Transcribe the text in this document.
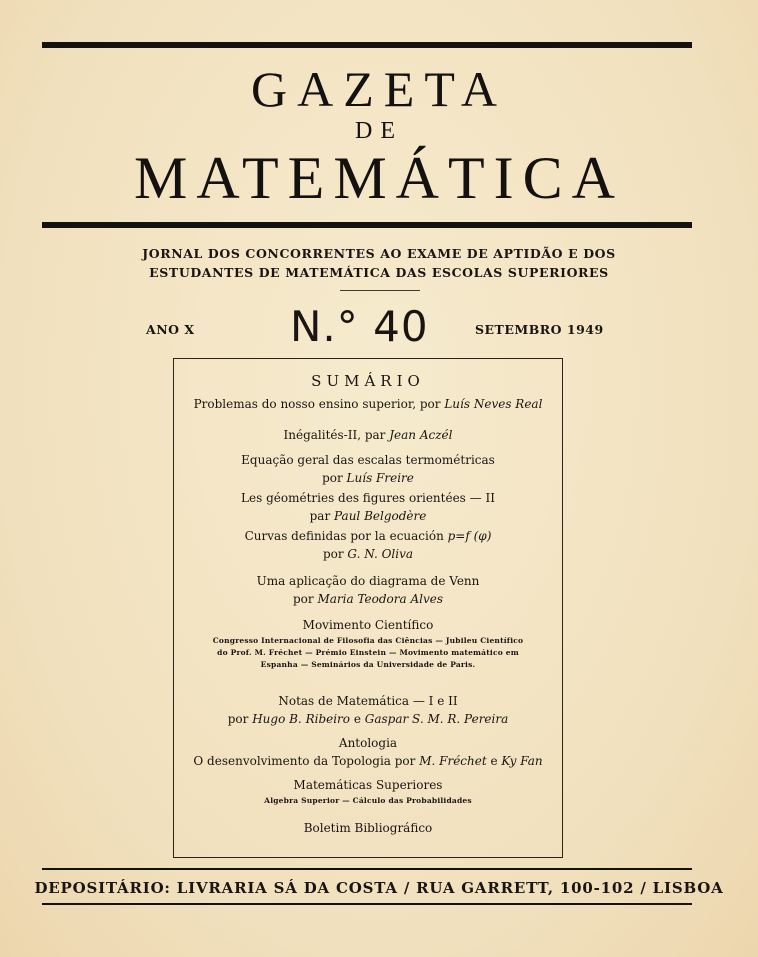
GAZETA
DE
MATEMÁTICA
JORNAL DOS CONCORRENTES AO EXAME DE APTIDÃO E DOS
ESTUDANTES DE MATEMÁTICA DAS ESCOLAS SUPERIORES
ANO X N.° 40	SETEMBRO 1949
SUMÁRIO
Problemas do nosso ensino superior, por Luís Neves Real
Inégalités-II, par Jean Aczél
Equação geral das escalas termométricas
por Luís Freire
Les géométries des figures orientées — II
par Paul Belgodère
Curvas definidas por la ecuación p=f (φ)
por G. N. Oliva
Uma aplicação do diagrama de Venn
por Maria Teodora Alves
Movimento Científico
Congresso Internacional de Filosofia das Ciências — Jubileu Científico
do Prof. M. Fréchet — Prémio Einstein — Movimento matemático em
Espanha — Seminários da Universidade de Paris.
Notas de Matemática — I e II
por Hugo B. Ribeiro e Gaspar S. M. R. Pereira
Antologia
O desenvolvimento da Topologia por M. Fréchet e Ky Fan
Matemáticas Superiores
Algebra Superior — Cálculo das Probabilidades
Boletim Bibliográfico
DEPOSITÁRIO: LIVRARIA SÁ DA COSTA / RUA GARRETT, 100-102 / LISBOA
